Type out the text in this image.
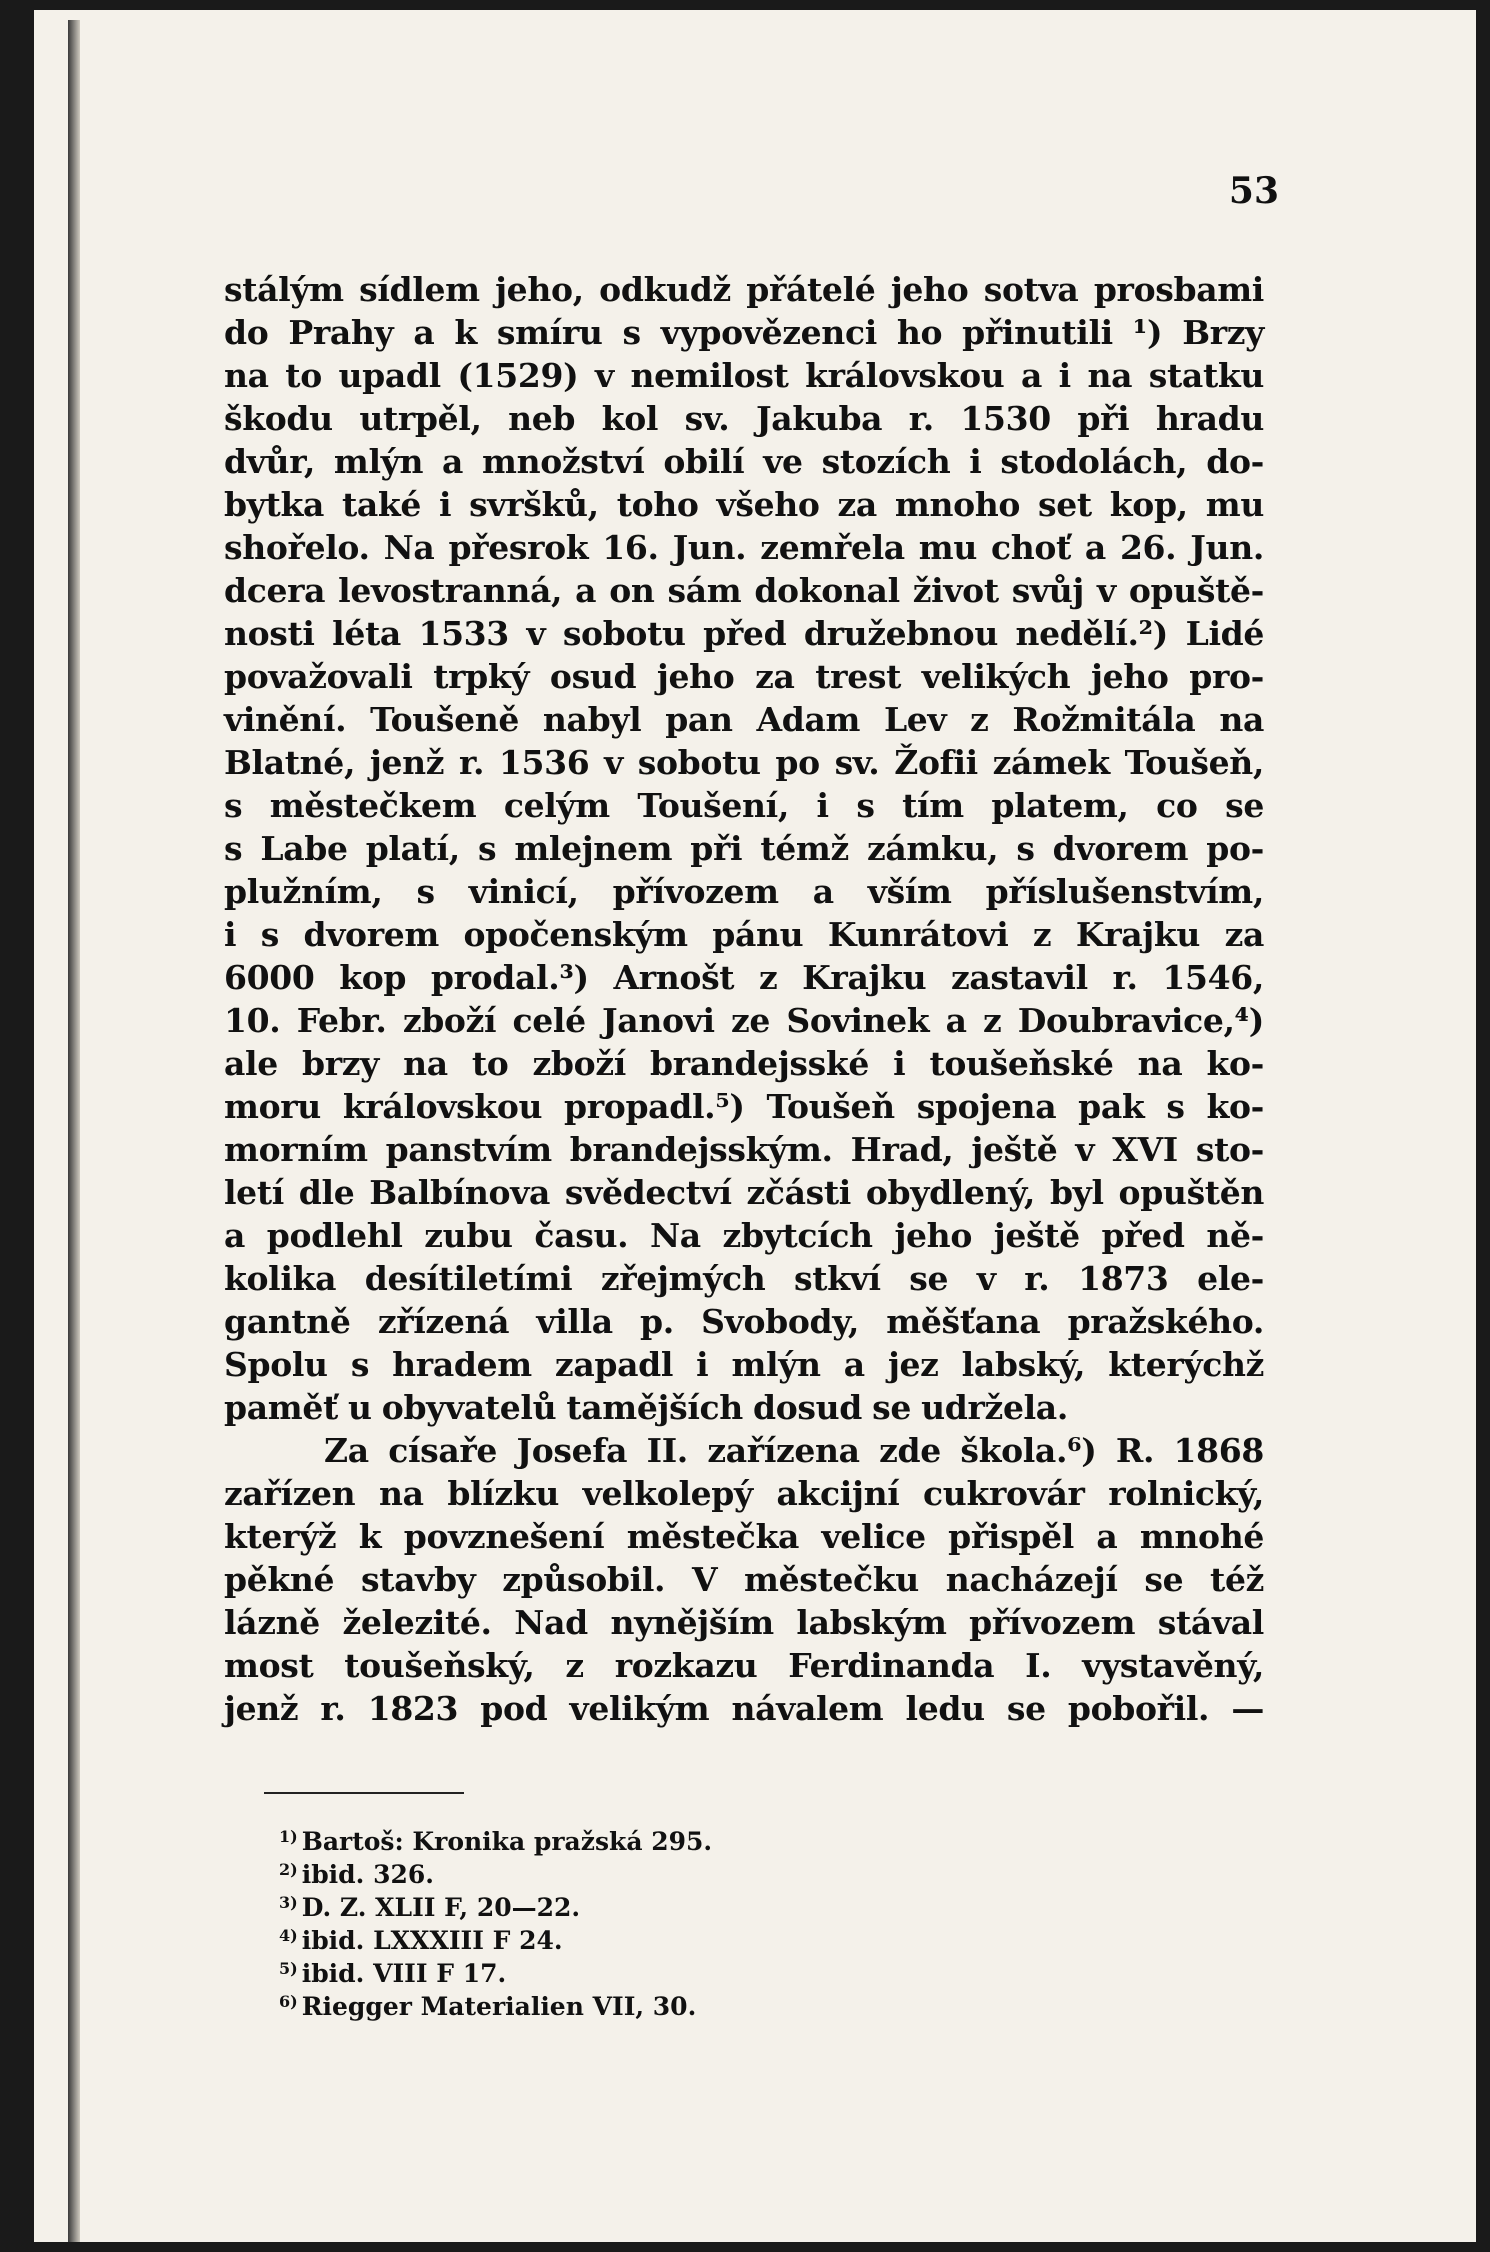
53
stálým sídlem jeho, odkudž přátelé jeho sotva prosbami
do Prahy a k smíru s vypovězenci ho přinutili ¹) Brzy
na to upadl (1529) v nemilost královskou a i na statku
škodu utrpěl, neb kol sv. Jakuba r. 1530 při hradu
dvůr, mlýn a množství obilí ve stozích i stodolách, do-
bytka také i svršků, toho všeho za mnoho set kop, mu
shořelo. Na přesrok 16. Jun. zemřela mu choť a 26. Jun.
dcera levostranná, a on sám dokonal život svůj v opuště-
nosti léta 1533 v sobotu před družebnou nedělí.²) Lidé
považovali trpký osud jeho za trest velikých jeho pro-
vinění. Toušeně nabyl pan Adam Lev z Rožmitála na
Blatné, jenž r. 1536 v sobotu po sv. Žofii zámek Toušeň,
s městečkem celým Toušení, i s tím platem, co se
s Labe platí, s mlejnem při témž zámku, s dvorem po-
plužním, s vinicí, přívozem a vším příslušenstvím,
i s dvorem opočenským pánu Kunrátovi z Krajku za
6000 kop prodal.³) Arnošt z Krajku zastavil r. 1546,
10. Febr. zboží celé Janovi ze Sovinek a z Doubravice,⁴)
ale brzy na to zboží brandejsské i toušeňské na ko-
moru královskou propadl.⁵) Toušeň spojena pak s ko-
morním panstvím brandejsským. Hrad, ještě v XVI sto-
letí dle Balbínova svědectví zčásti obydlený, byl opuštěn
a podlehl zubu času. Na zbytcích jeho ještě před ně-
kolika desítiletími zřejmých stkví se v r. 1873 ele-
gantně zřízená villa p. Svobody, měšťana pražského.
Spolu s hradem zapadl i mlýn a jez labský, kterýchž
paměť u obyvatelů tamějších dosud se udržela.
Za císaře Josefa II. zařízena zde škola.⁶) R. 1868
zařízen na blízku velkolepý akcijní cukrovár rolnický,
kterýž k povznešení městečka velice přispěl a mnohé
pěkné stavby způsobil. V městečku nacházejí se též
lázně železité. Nad nynějším labským přívozem stával
most toušeňský, z rozkazu Ferdinanda I. vystavěný,
jenž r. 1823 pod velikým návalem ledu se pobořil. —
$^{1)}$ Bartoš: Kronika pražská 295.
$^{2)}$ ibid. 326.
$^{3)}$ D. Z. XLII F, 20—22.
$^{4)}$ ibid. LXXXIII F 24.
$^{5)}$ ibid. VIII F 17.
$^{6)}$ Riegger Materialien VII, 30.
